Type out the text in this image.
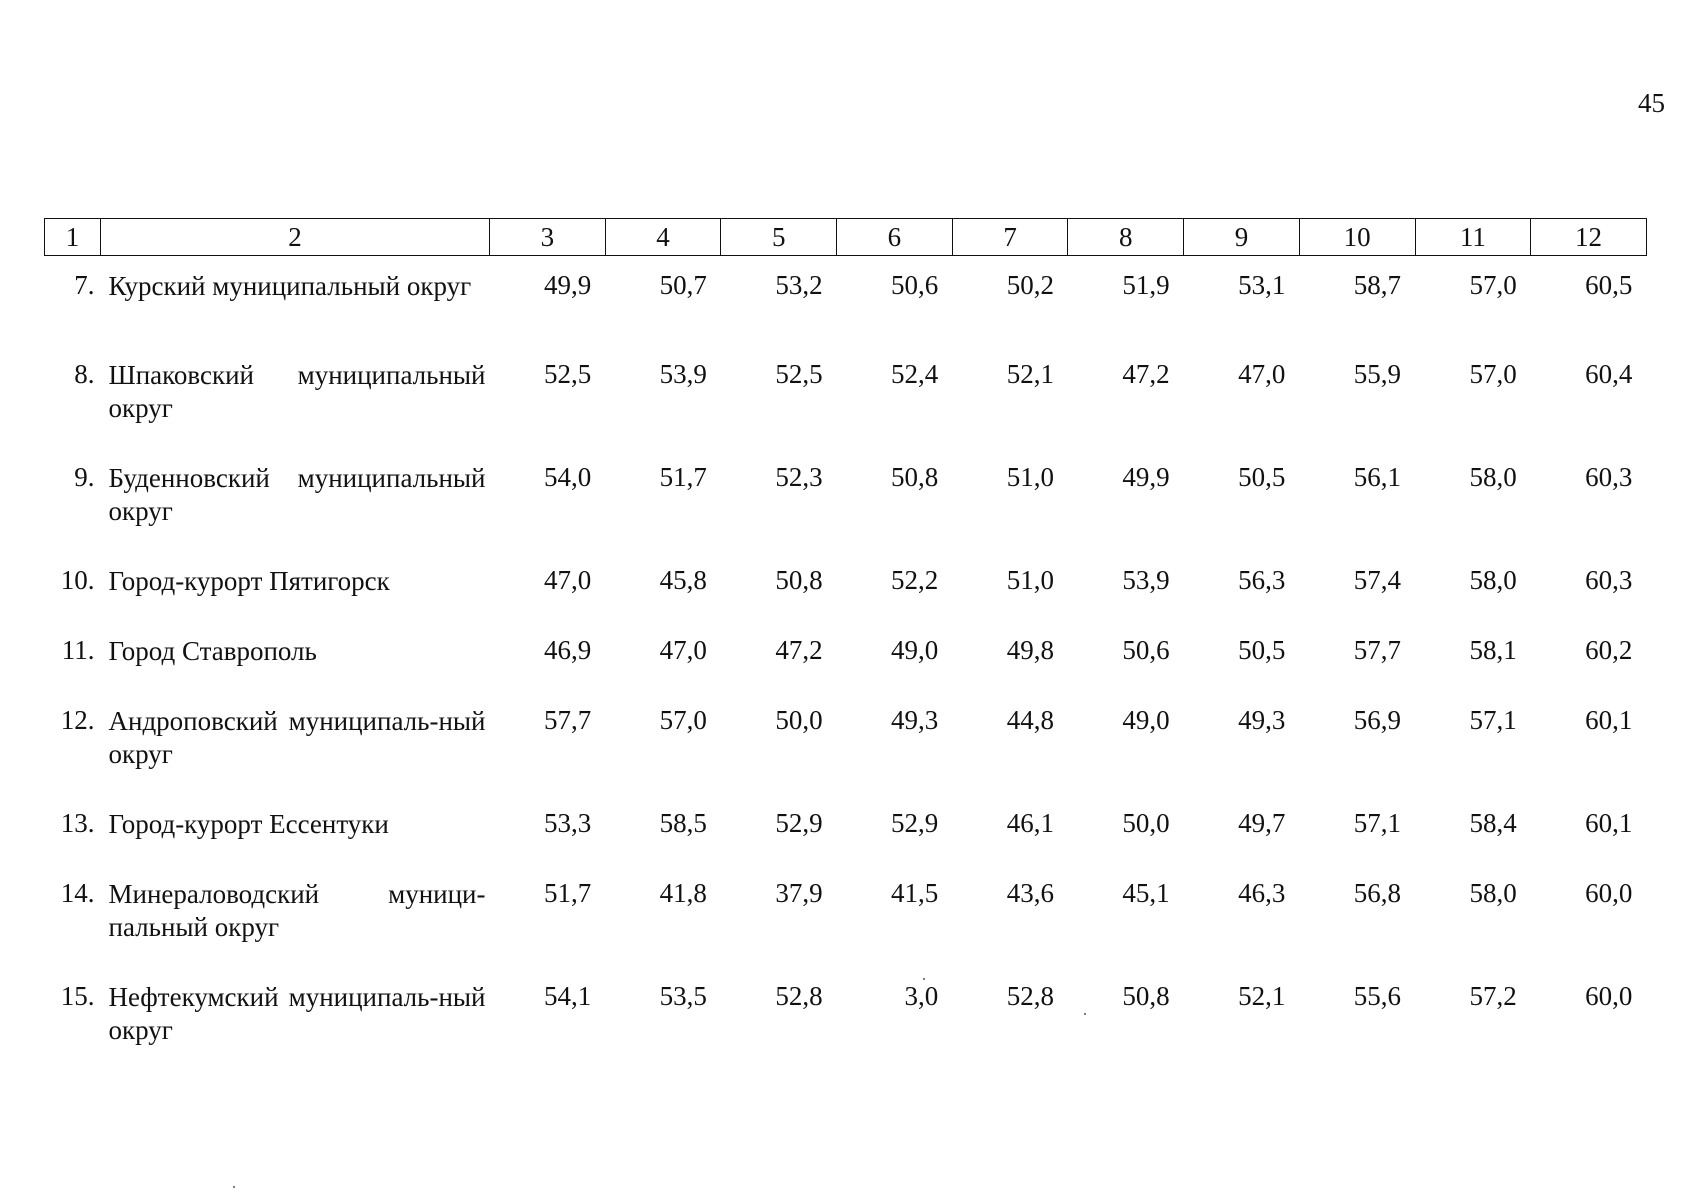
45
1	2	3	4	5	6	7	8	9	10	11	12
7.	Курский муниципальный округ	49,9	50,7	53,2	50,6	50,2	51,9	53,1	58,7	57,0	60,5
8.	Шпаковский муниципальный округ	52,5	53,9	52,5	52,4	52,1	47,2	47,0	55,9	57,0	60,4
9.	Буденновский муниципальный округ	54,0	51,7	52,3	50,8	51,0	49,9	50,5	56,1	58,0	60,3
10.	Город-курорт Пятигорск	47,0	45,8	50,8	52,2	51,0	53,9	56,3	57,4	58,0	60,3
11.	Город Ставрополь	46,9	47,0	47,2	49,0	49,8	50,6	50,5	57,7	58,1	60,2
12.	Андроповский муниципаль-ный округ	57,7	57,0	50,0	49,3	44,8	49,0	49,3	56,9	57,1	60,1
13.	Город-курорт Ессентуки	53,3	58,5	52,9	52,9	46,1	50,0	49,7	57,1	58,4	60,1
14.	Минераловодский муници-пальный округ	51,7	41,8	37,9	41,5	43,6	45,1	46,3	56,8	58,0	60,0
15.	Нефтекумский муниципаль-ный округ	54,1	53,5	52,8	3,0	52,8	50,8	52,1	55,6	57,2	60,0
